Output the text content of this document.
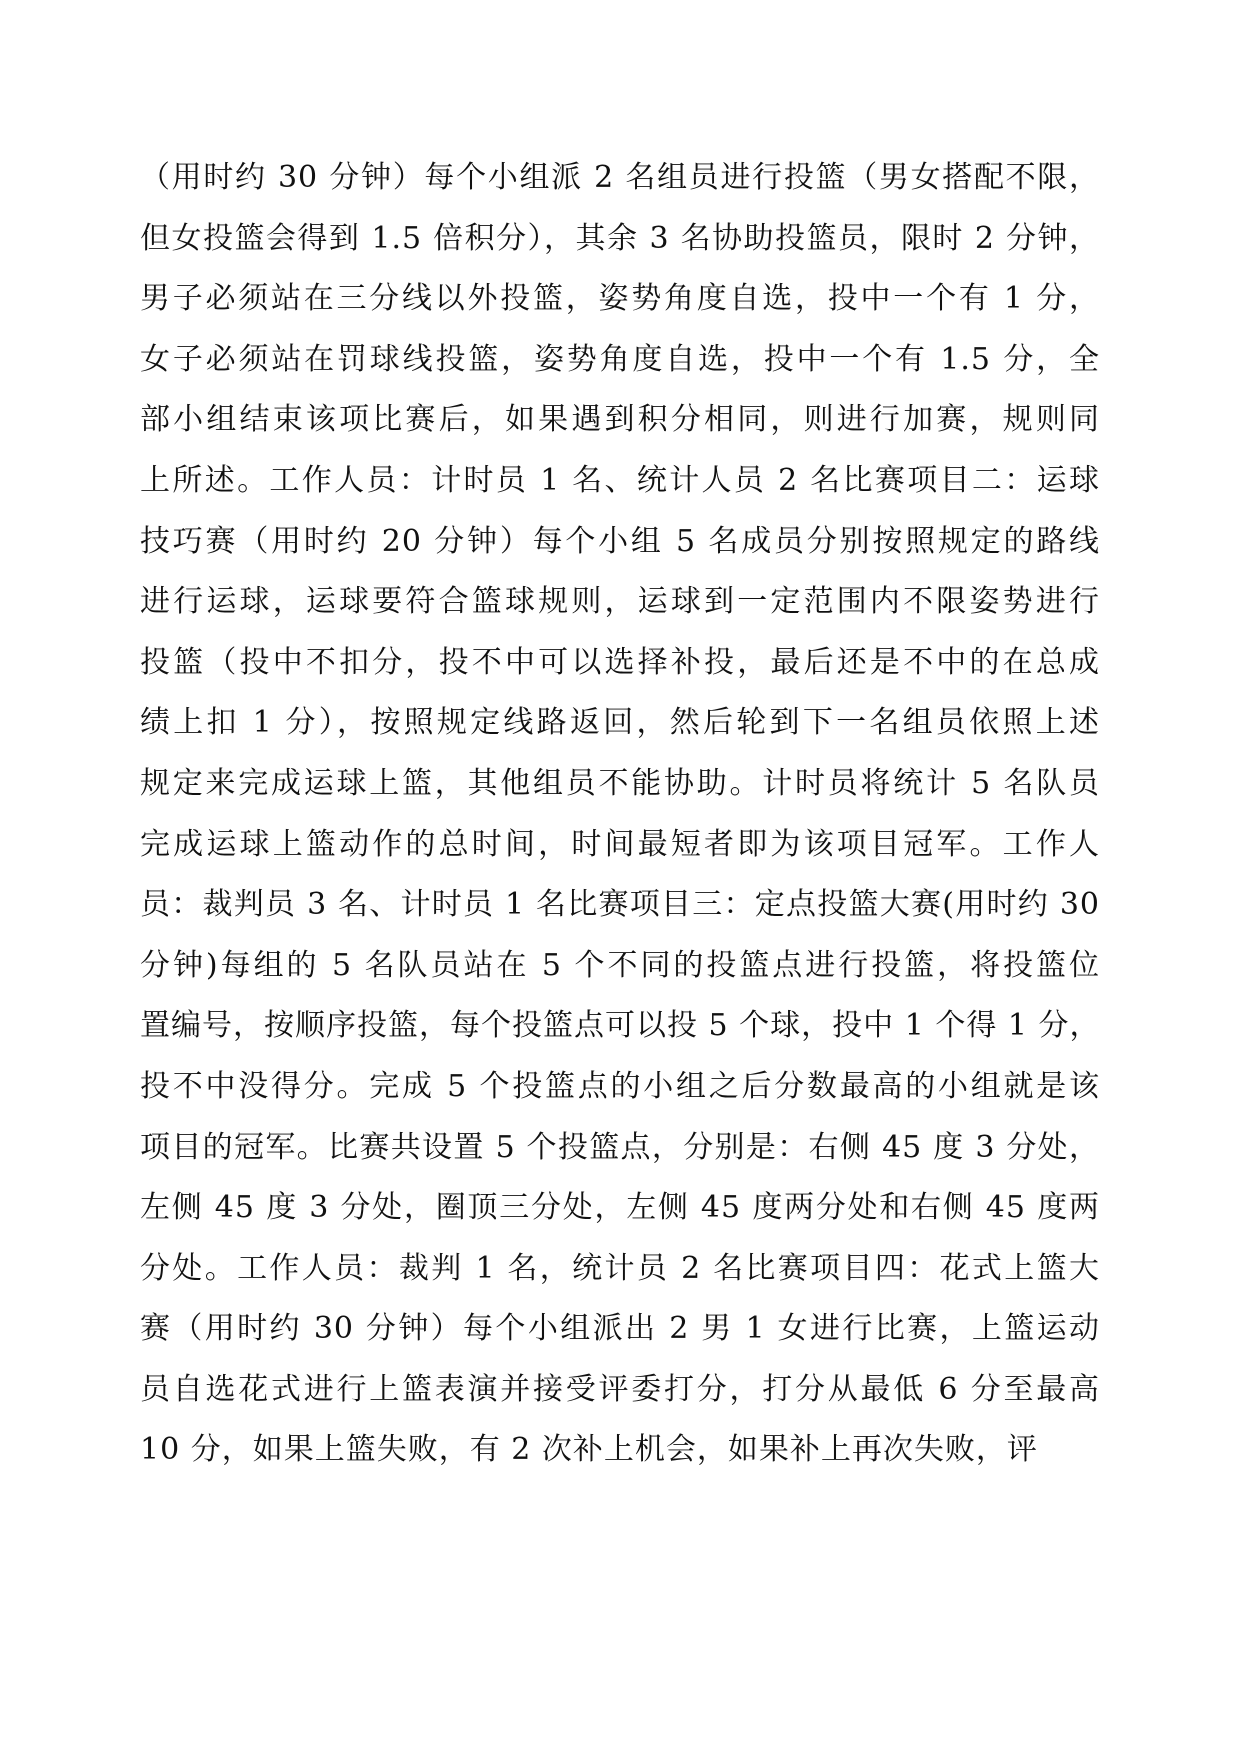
（用时约 30 分钟）每个小组派 2 名组员进行投篮（男女搭配不限，
但女投篮会得到 1.5 倍积分），其余 3 名协助投篮员，限时 2 分钟，
男子必须站在三分线以外投篮，姿势角度自选，投中一个有 1 分，
女子必须站在罚球线投篮，姿势角度自选，投中一个有 1.5 分，全
部小组结束该项比赛后，如果遇到积分相同，则进行加赛，规则同
上所述。工作人员：计时员 1 名、统计人员 2 名比赛项目二：运球
技巧赛（用时约 20 分钟）每个小组 5 名成员分别按照规定的路线
进行运球，运球要符合篮球规则，运球到一定范围内不限姿势进行
投篮（投中不扣分，投不中可以选择补投，最后还是不中的在总成
绩上扣 1 分），按照规定线路返回，然后轮到下一名组员依照上述
规定来完成运球上篮，其他组员不能协助。计时员将统计 5 名队员
完成运球上篮动作的总时间，时间最短者即为该项目冠军。工作人
员：裁判员 3 名、计时员 1 名比赛项目三：定点投篮大赛(用时约 30
分钟)每组的 5 名队员站在 5 个不同的投篮点进行投篮，将投篮位
置编号，按顺序投篮，每个投篮点可以投 5 个球，投中 1 个得 1 分，
投不中没得分。完成 5 个投篮点的小组之后分数最高的小组就是该
项目的冠军。比赛共设置 5 个投篮点，分别是：右侧 45 度 3 分处，
左侧 45 度 3 分处，圈顶三分处，左侧 45 度两分处和右侧 45 度两
分处。工作人员：裁判 1 名，统计员 2 名比赛项目四：花式上篮大
赛（用时约 30 分钟）每个小组派出 2 男 1 女进行比赛，上篮运动
员自选花式进行上篮表演并接受评委打分，打分从最低 6 分至最高
10 分，如果上篮失败，有 2 次补上机会，如果补上再次失败，评
